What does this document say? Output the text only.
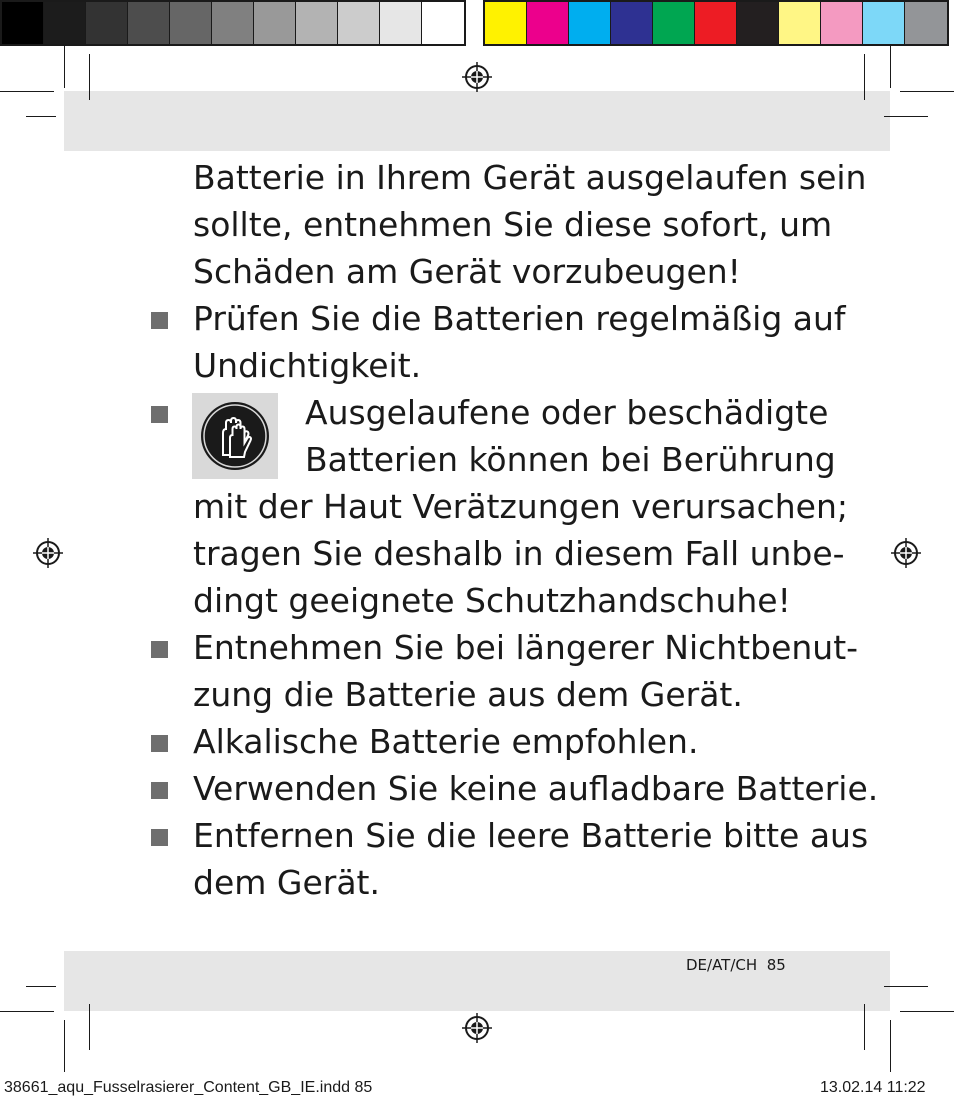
Batterie in Ihrem Gerät ausgelaufen sein
sollte, entnehmen Sie diese sofort, um
Schäden am Gerät vorzubeugen!
Prüfen Sie die Batterien regelmäßig auf
Undichtigkeit.
Ausgelaufene oder beschädigte
Batterien können bei Berührung
mit der Haut Verätzungen verursachen;
tragen Sie deshalb in diesem Fall unbe-
dingt geeignete Schutzhandschuhe!
Entnehmen Sie bei längerer Nichtbenut-
zung die Batterie aus dem Gerät.
Alkalische Batterie empfohlen.
Verwenden Sie keine aufladbare Batterie.
Entfernen Sie die leere Batterie bitte aus
dem Gerät.
DE/AT/CH 85
38661_aqu_Fusselrasierer_Content_GB_IE.indd 85	13.02.14 11:22
